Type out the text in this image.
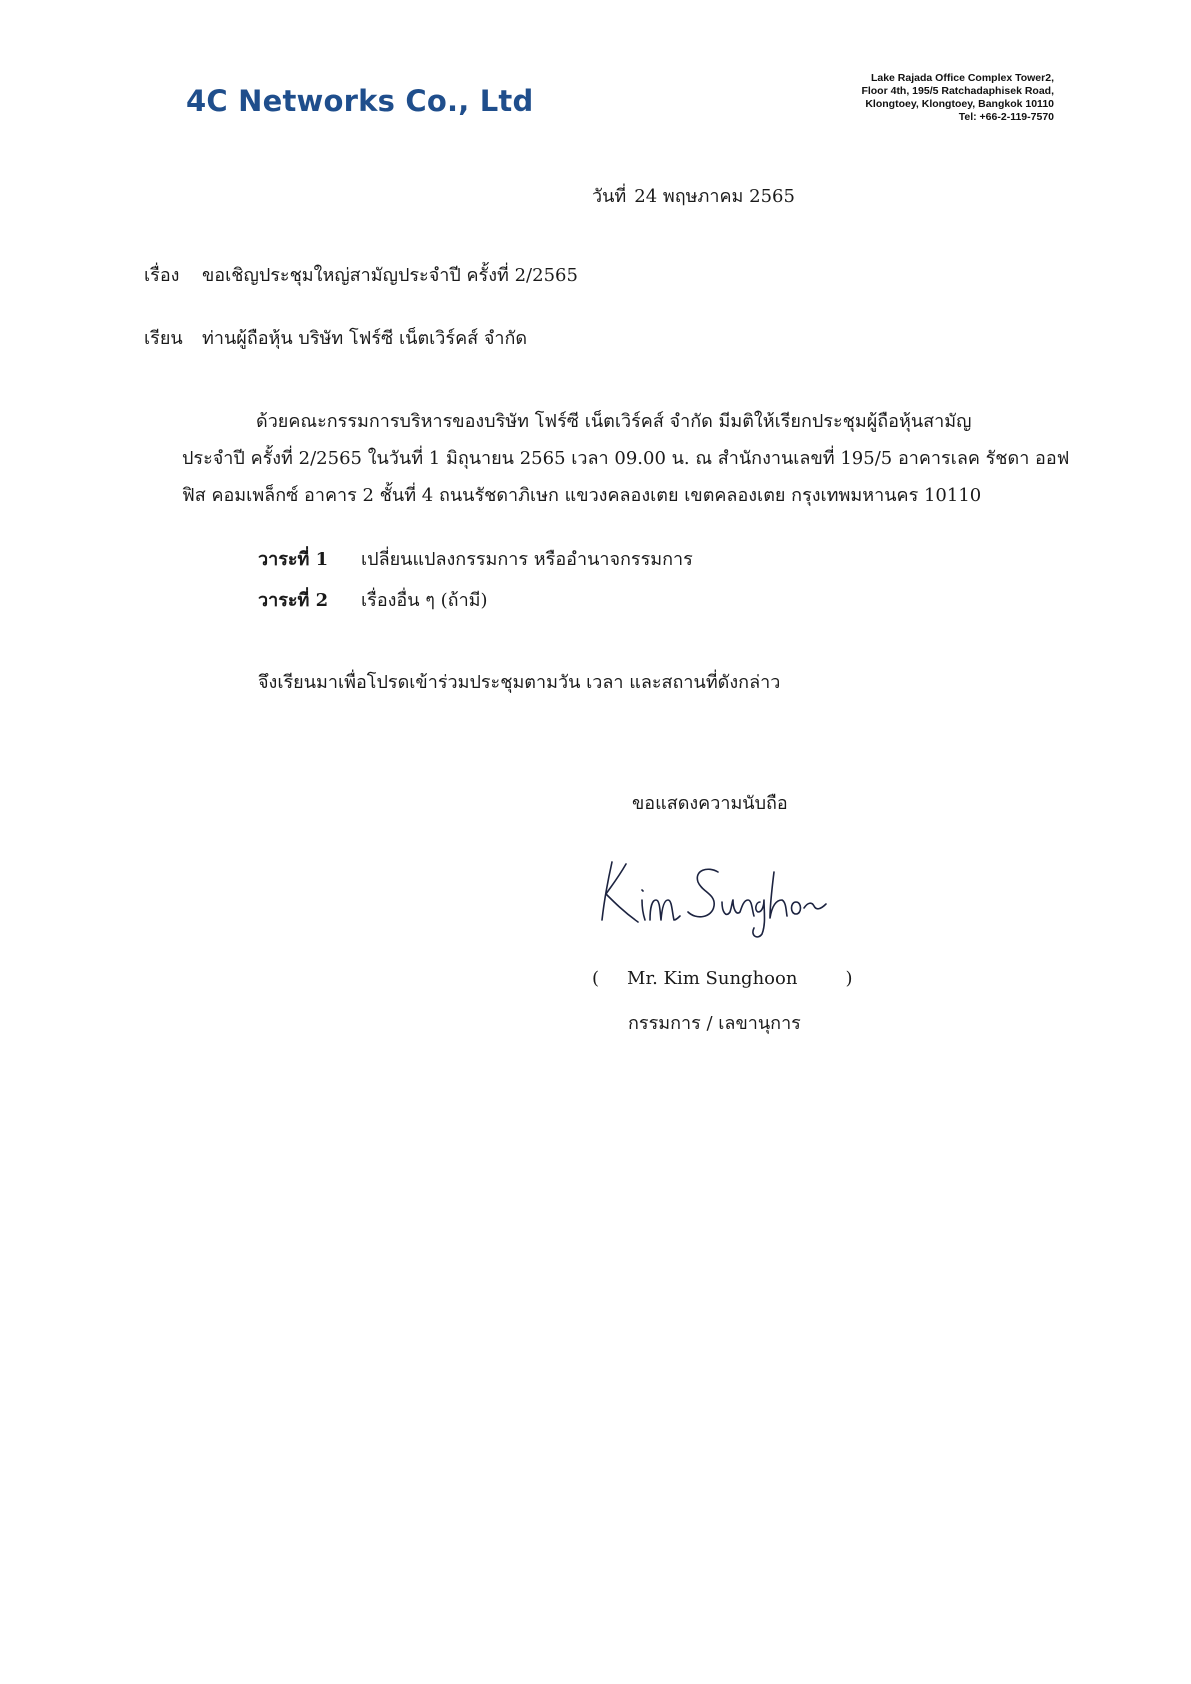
4C Networks Co., Ltd
Lake Rajada Office Complex Tower2,
Floor 4th, 195/5 Ratchadaphisek Road,
Klongtoey, Klongtoey, Bangkok 10110
Tel: +66-2-119-7570
วันที่ 24 พฤษภาคม 2565
เรื่อง ขอเชิญประชุมใหญ่สามัญประจำปี ครั้งที่ 2/2565
เรียน ท่านผู้ถือหุ้น บริษัท โฟร์ซี เน็ตเวิร์คส์ จำกัด

ด้วยคณะกรรมการบริหารของบริษัท โฟร์ซี เน็ตเวิร์คส์ จำกัด มีมติให้เรียกประชุมผู้ถือหุ้นสามัญ

ประจำปี ครั้งที่ 2/2565 ในวันที่ 1 มิถุนายน 2565 เวลา 09.00 น. ณ สำนักงานเลขที่ 195/5 อาคารเลค รัชดา ออฟ

ฟิส คอมเพล็กซ์ อาคาร 2 ชั้นที่ 4 ถนนรัชดาภิเษก แขวงคลองเตย เขตคลองเตย กรุงเทพมหานคร 10110

วาระที่ 1 เปลี่ยนแปลงกรรมการ หรืออำนาจกรรมการ
วาระที่ 2 เรื่องอื่น ๆ (ถ้ามี)
จึงเรียนมาเพื่อโปรดเข้าร่วมประชุมตามวัน เวลา และสถานที่ดังกล่าว
ขอแสดงความนับถือ
( Mr. Kim Sunghoon	)
กรรมการ / เลขานุการ
